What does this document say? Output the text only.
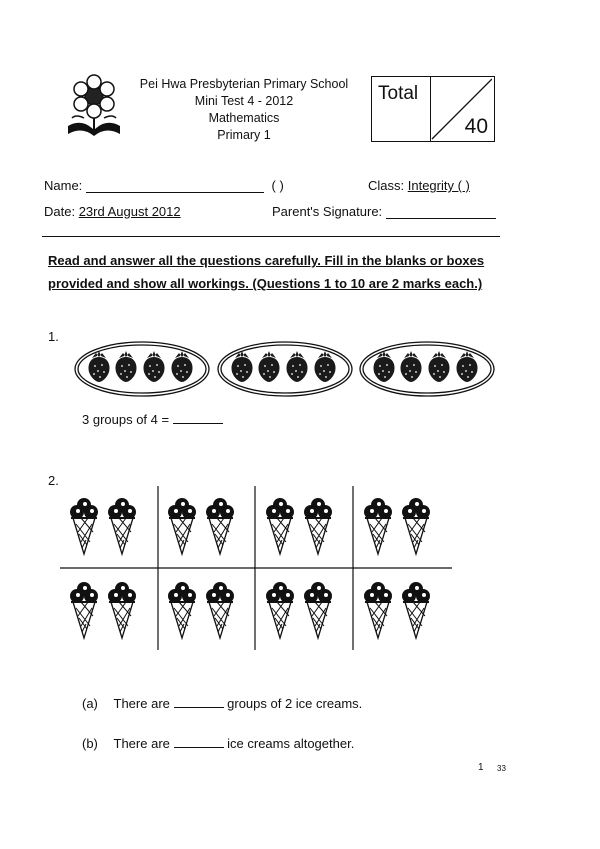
Pei Hwa Presbyterian Primary School
Mini Test 4 - 2012
Mathematics
Primary 1
Total
40
Name:	( )	Class: Integrity ( )
Date: 23rd August 2012	Parent's Signature:
Read and answer all the questions carefully. Fill in the blanks or boxes
provided and show all workings. (Questions 1 to 10 are 2 marks each.)
1.
3 groups of 4 =
2.
(a) There are	groups of 2 ice creams.
(b) There are	ice creams altogether.
1 33
